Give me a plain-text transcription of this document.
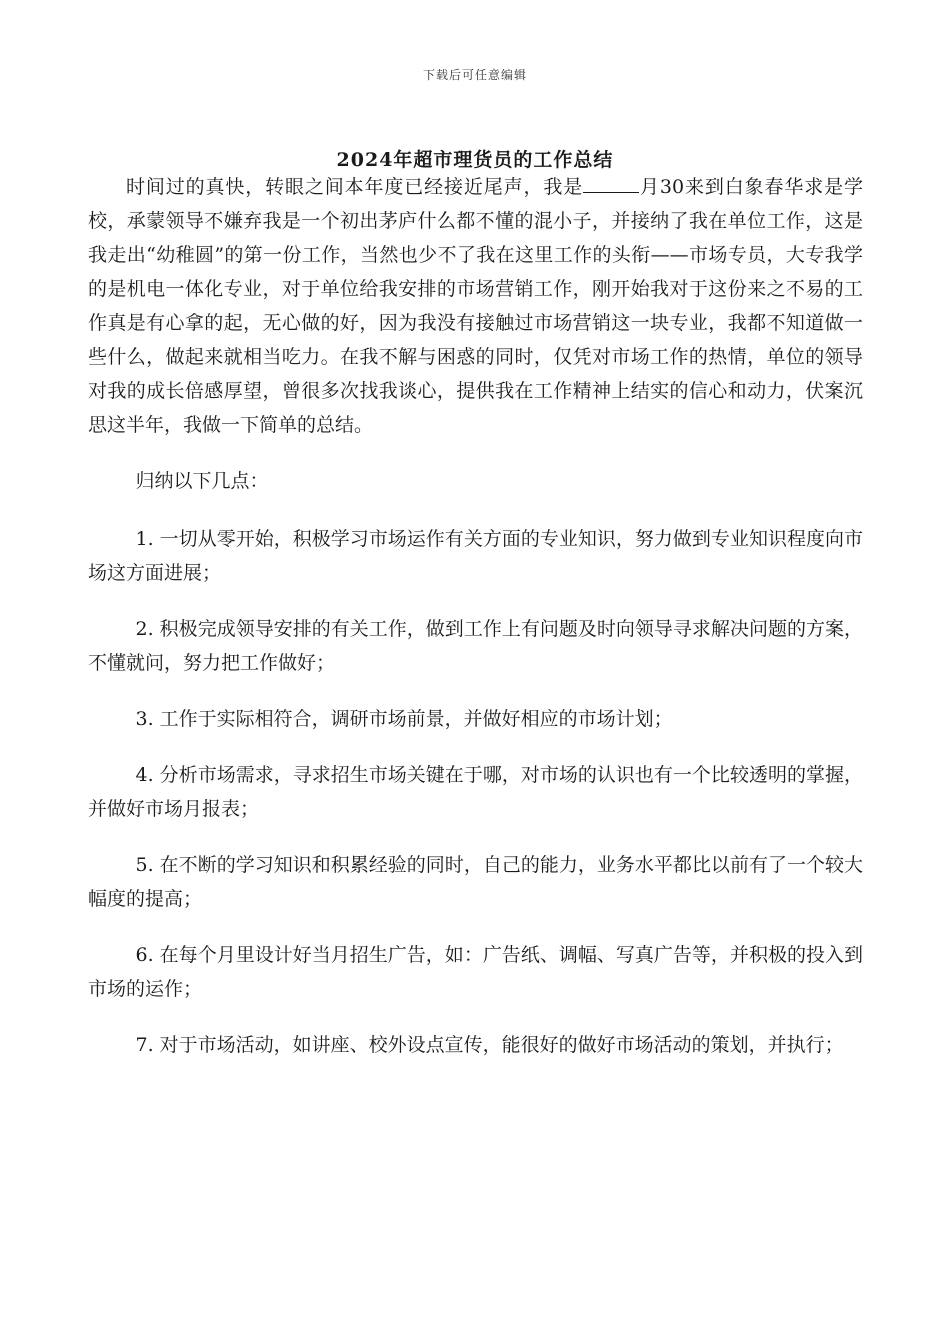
下载后可任意编辑
2024年超市理货员的工作总结

时间过的真快，转眼之间本年度已经接近尾声，我是	月30来到白象春华求是学校，承蒙领导不嫌弃我是一个初出茅庐什么都不懂的混小子，并接纳了我在单位工作，这是我走出“幼稚圆”的第一份工作，当然也少不了我在这里工作的头衔——市场专员，大专我学的是机电一体化专业，对于单位给我安排的市场营销工作，刚开始我对于这份来之不易的工作真是有心拿的起，无心做的好，因为我没有接触过市场营销这一块专业，我都不知道做一些什么，做起来就相当吃力。在我不解与困惑的同时，仅凭对市场工作的热情，单位的领导对我的成长倍感厚望，曾很多次找我谈心，提供我在工作精神上结实的信心和动力，伏案沉思这半年，我做一下简单的总结。

归纳以下几点：

1. 一切从零开始，积极学习市场运作有关方面的专业知识，努力做到专业知识程度向市场这方面进展；

2. 积极完成领导安排的有关工作，做到工作上有问题及时向领导寻求解决问题的方案，不懂就问，努力把工作做好；

3. 工作于实际相符合，调研市场前景，并做好相应的市场计划；

4. 分析市场需求，寻求招生市场关键在于哪，对市场的认识也有一个比较透明的掌握，并做好市场月报表；

5. 在不断的学习知识和积累经验的同时，自己的能力，业务水平都比以前有了一个较大幅度的提高；

6. 在每个月里设计好当月招生广告，如：广告纸、调幅、写真广告等，并积极的投入到市场的运作；

7. 对于市场活动，如讲座、校外设点宣传，能很好的做好市场活动的策划，并执行；
